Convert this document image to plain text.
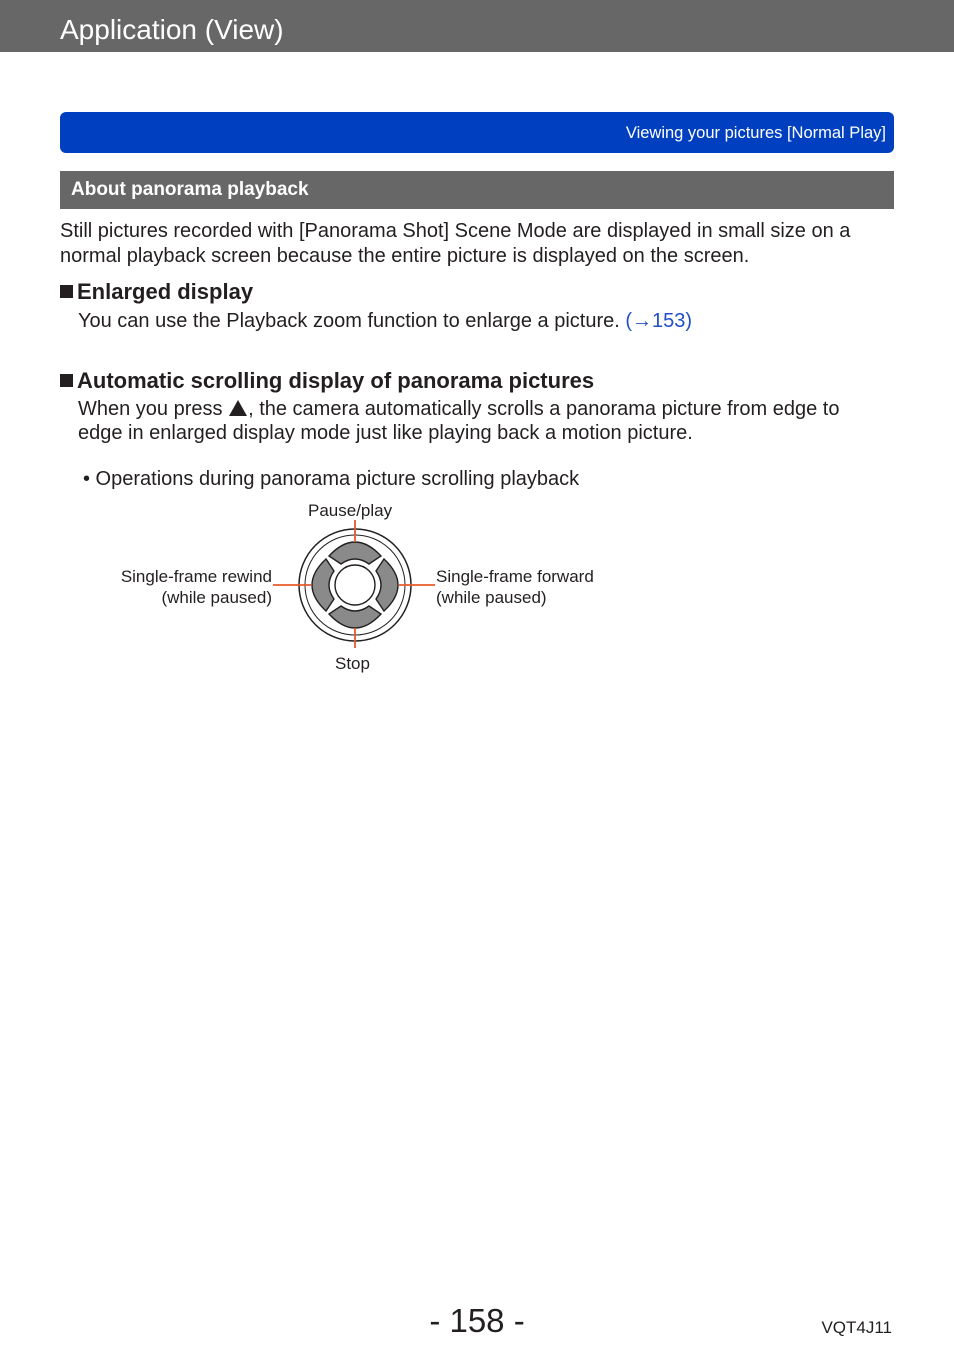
Application (View)
Viewing your pictures [Normal Play]
About panorama playback

Still pictures recorded with [Panorama Shot] Scene Mode are displayed in small size on a normal playback screen because the entire picture is displayed on the screen.

Enlarged display

You can use the Playback zoom function to enlarge a picture. (→153)

Automatic scrolling display of panorama pictures

When you press , the camera automatically scrolls a panorama picture from edge to edge in enlarged display mode just like playing back a motion picture.

• Operations during panorama picture scrolling playback
Pause/play
Single-frame rewind
(while paused)
Single-frame forward
(while paused)
Stop
- 158 -	VQT4J11
